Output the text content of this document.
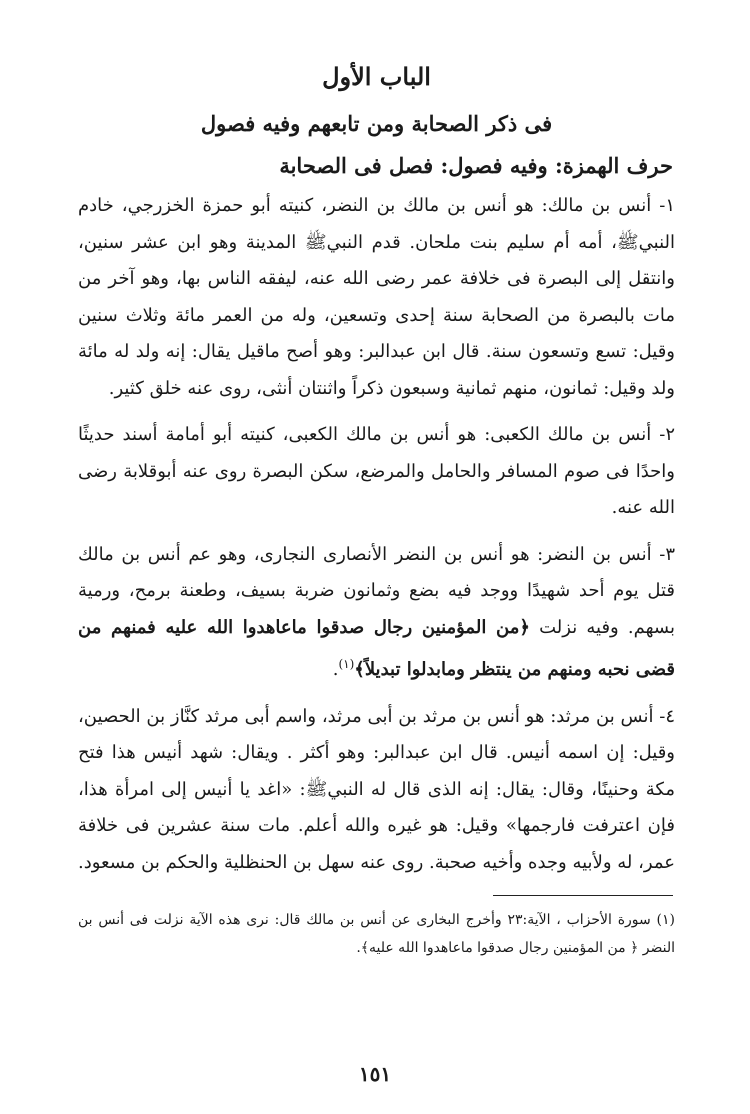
الباب الأول
فى ذكر الصحابة ومن تابعهم وفيه فصول
حرف الهمزة: وفيه فصول: فصل فى الصحابة

١- أنس بن مالك: هو أنس بن مالك بن النضر، كنيته أبو حمزة الخزرجي، خادم النبيﷺ، أمه أم سليم بنت ملحان. قدم النبيﷺ المدينة وهو ابن عشر سنين، وانتقل إلى البصرة فى خلافة عمر رضى الله عنه، ليفقه الناس بها، وهو آخر من مات بالبصرة من الصحابة سنة إحدى وتسعين، وله من العمر مائة وثلاث سنين وقيل: تسع وتسعون سنة. قال ابن عبدالبر: وهو أصح ماقيل يقال: إنه ولد له مائة ولد وقيل: ثمانون، منهم ثمانية وسبعون ذكراً واثنتان أنثى، روى عنه خلق كثير.

٢- أنس بن مالك الكعبى: هو أنس بن مالك الكعبى، كنيته أبو أمامة أسند حديثًا واحدًا فى صوم المسافر والحامل والمرضع، سكن البصرة روى عنه أبوقلابة رضى الله عنه.

٣- أنس بن النضر: هو أنس بن النضر الأنصارى النجارى، وهو عم أنس بن مالك قتل يوم أحد شهيدًا ووجد فيه بضع وثمانون ضربة بسيف، وطعنة برمح، ورمية بسهم. وفيه نزلت ﴿من المؤمنين رجال صدقوا ماعاهدوا الله عليه فمنهم من قضى نحبه ومنهم من ينتظر ومابدلوا تبديلاً﴾$^{(١)}$.

٤- أنس بن مرثد: هو أنس بن مرثد بن أبى مرثد، واسم أبى مرثد كنَّاز بن الحصين، وقيل: إن اسمه أنيس. قال ابن عبدالبر: وهو أكثر . ويقال: شهد أنيس هذا فتح مكة وحنينًا، وقال: يقال: إنه الذى قال له النبيﷺ: «اغد يا أنيس إلى امرأة هذا، فإن اعترفت فارجمها» وقيل: هو غيره والله أعلم. مات سنة عشرين فى خلافة عمر، له ولأبيه وجده وأخيه صحبة. روى عنه سهل بن الحنظلية والحكم بن مسعود.

(١) سورة الأحزاب ، الآية:٢٣ وأخرج البخارى عن أنس بن مالك قال: نرى هذه الآية نزلت فى أنس بن النضر ﴿ من المؤمنين رجال صدقوا ماعاهدوا الله عليه﴾.

١٥١
